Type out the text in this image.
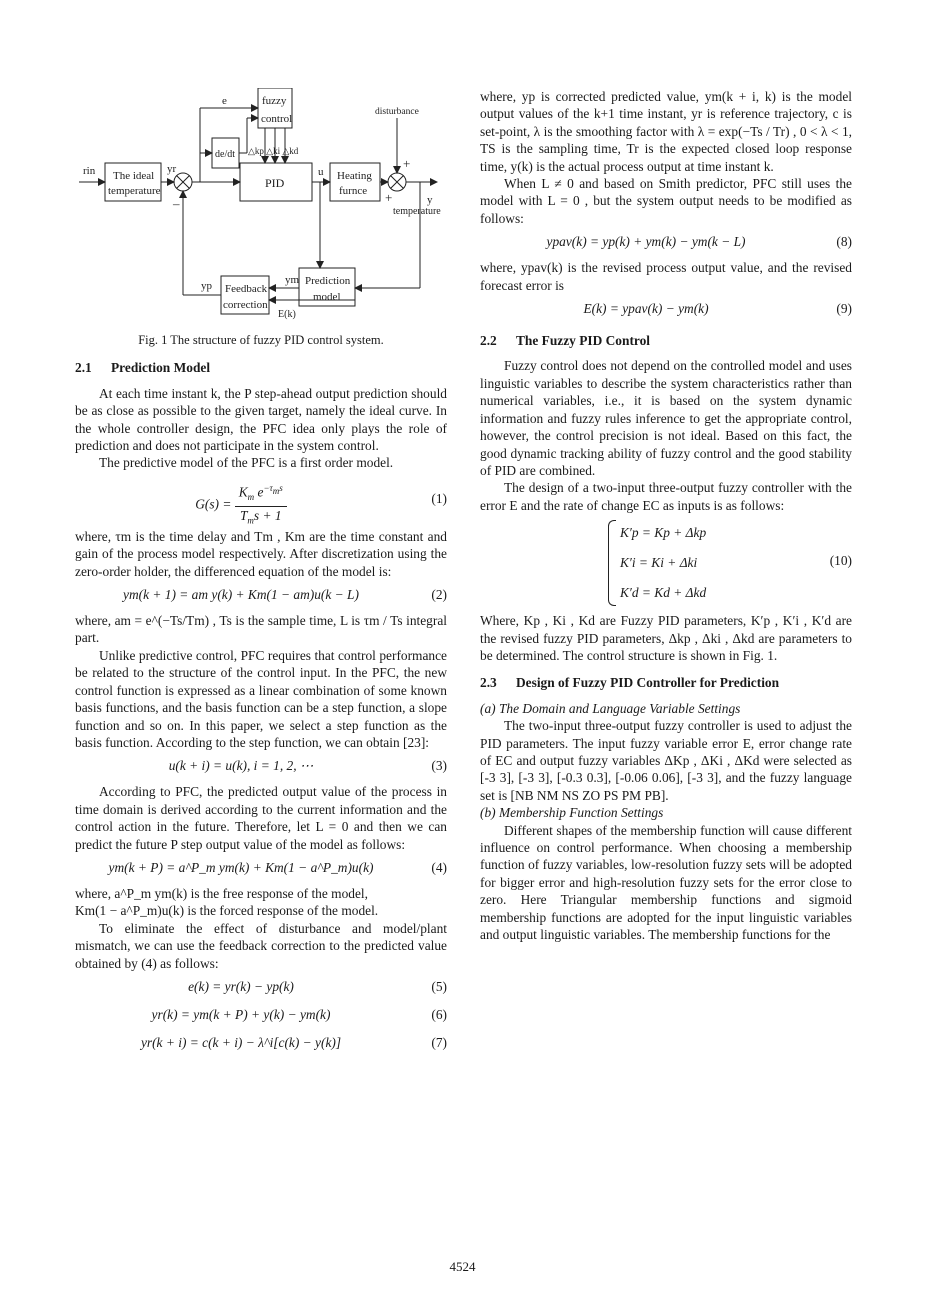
e	fuzzy
control
de/dt △kp △ki △kd
rin The ideal
temperature
yr
PID
u Heating
furnce
disturbance
y
temperature
+
+
–
yp Feedback
correction
ym Prediction
model
E(k)

Fig. 1 The structure of fuzzy PID control system.

2.1 Prediction Model

At each time instant k, the P step-ahead output prediction should be as close as possible to the given target, namely the ideal curve. In the whole controller design, the PFC idea only plays the role of prediction and does not participate in the system control.

The predictive model of the PFC is a first order model.

$G(s) = \frac{K_m e^{-\tau_ms}}{T_ms + 1}$	(1)

where, τm is the time delay and Tm , Km are the time constant and gain of the process model respectively. After discretization using the zero-order holder, the differenced equation of the model is:

ym(k + 1) = am y(k) + Km(1 − am)u(k − L)	(2)

where, am = e^(−Ts/Tm) , Ts is the sample time, L is τm / Ts integral part.

Unlike predictive control, PFC requires that control performance be related to the structure of the control input. In the PFC, the new control function is expressed as a linear combination of some known basis functions, and the basis function can be a step function, a slope function and so on. In this paper, we select a step function as the basis function. According to the step function, we can obtain [23]:

u(k + i) = u(k), i = 1, 2, ⋯	(3)

According to PFC, the predicted output value of the process in time domain is derived according to the current information and the control action in the future. Therefore, let L = 0 and then we can predict the future P step output value of the model as follows:

ym(k + P) = a^P_m ym(k) + Km(1 − a^P_m)u(k)	(4)

where, a^P_m ym(k) is the free response of the model,

Km(1 − a^P_m)u(k) is the forced response of the model.

To eliminate the effect of disturbance and model/plant mismatch, we can use the feedback correction to the predicted value obtained by (4) as follows:

e(k) = yr(k) − yp(k)	(5)
yr(k) = ym(k + P) + y(k) − ym(k)	(6)
yr(k + i) = c(k + i) − λ^i[c(k) − y(k)]	(7)

where, yp is corrected predicted value, ym(k + i, k) is the model output values of the k+1 time instant, yr is reference trajectory, c is set-point, λ is the smoothing factor with λ = exp(−Ts / Tr) , 0 < λ < 1, TS is the sampling time, Tr is the expected closed loop response time, y(k) is the actual process output at time instant k.

When L ≠ 0 and based on Smith predictor, PFC still uses the model with L = 0 , but the system output needs to be modified as follows:

ypav(k) = yp(k) + ym(k) − ym(k − L)	(8)

where, ypav(k) is the revised process output value, and the revised forecast error is

E(k) = ypav(k) − ym(k)	(9)

2.2 The Fuzzy PID Control

Fuzzy control does not depend on the controlled model and uses linguistic variables to describe the system characteristics rather than numerical variables, i.e., it is based on the system dynamic information and fuzzy rules inference to get the appropriate control, however, the control precision is not ideal. Based on this fact, the good dynamic tracking ability of fuzzy control and the good stability of PID are combined.

The design of a two-input three-output fuzzy controller with the error E and the rate of change EC as inputs is as follows:

K′p = Kp + Δkp
K′i = Ki + Δki
K′d = Kd + Δkd
(10)

Where, Kp , Ki , Kd are Fuzzy PID parameters, K′p , K′i , K′d are the revised fuzzy PID parameters, Δkp , Δki , Δkd are parameters to be determined. The control structure is shown in Fig. 1.

2.3 Design of Fuzzy PID Controller for Prediction

(a) The Domain and Language Variable Settings

The two-input three-output fuzzy controller is used to adjust the PID parameters. The input fuzzy variable error E, error change rate of EC and output fuzzy variables ΔKp , ΔKi , ΔKd were selected as [-3 3], [-3 3], [-0.3 0.3], [-0.06 0.06], [-3 3], and the fuzzy language set is [NB NM NS ZO PS PM PB].

(b) Membership Function Settings

Different shapes of the membership function will cause different influence on control performance. When choosing a membership function of fuzzy variables, low-resolution fuzzy sets will be adopted for bigger error and high-resolution fuzzy sets for the error close to zero. Here Triangular membership functions and sigmoid membership functions are adopted for the input linguistic variables and output linguistic variables. The membership functions for the

4524
